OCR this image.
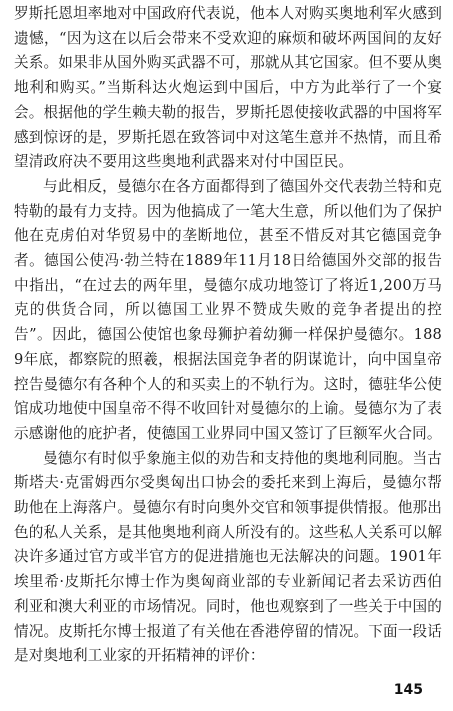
罗斯托恩坦率地对中国政府代表说，他本人对购买奥地利军火感到遗憾，“因为这在以后会带来不受欢迎的麻烦和破坏两国间的友好关系。如果非从国外购买武器不可，那就从其它国家。但不要从奥地利和购买。”当斯科达火炮运到中国后，中方为此举行了一个宴会。根据他的学生赖夫勒的报告，罗斯托恩使接收武器的中国将军感到惊讶的是，罗斯托恩在致答词中对这笔生意并不热情，而且希望清政府决不要用这些奥地利武器来对付中国臣民。

与此相反，曼德尔在各方面都得到了德国外交代表勃兰特和克特勒的最有力支持。因为他搞成了一笔大生意，所以他们为了保护他在克虏伯对华贸易中的垄断地位，甚至不惜反对其它德国竞争者。德国公使冯·勃兰特在1889年11月18日给德国外交部的报告中指出，“在过去的两年里，曼德尔成功地签订了将近1,200万马克的供货合同，所以德国工业界不赞成失败的竞争者提出的控告”。因此，德国公使馆也象母狮护着幼狮一样保护曼德尔。1889年底，都察院的照羲，根据法国竞争者的阴谋诡计，向中国皇帝控告曼德尔有各种个人的和买卖上的不轨行为。这时，德驻华公使馆成功地使中国皇帝不得不收回针对曼德尔的上谕。曼德尔为了表示感谢他的庇护者，使德国工业界同中国又签订了巨额军火合同。

曼德尔有时似乎象施主似的劝告和支持他的奥地利同胞。当古斯塔夫·克雷姆西尔受奥匈出口协会的委托来到上海后，曼德尔帮助他在上海落户。曼德尔有时向奥外交官和领事提供情报。他那出色的私人关系，是其他奥地利商人所没有的。这些私人关系可以解决许多通过官方或半官方的促进措施也无法解决的问题。1901年埃里希·皮斯托尔博士作为奥匈商业部的专业新闻记者去采访西伯利亚和澳大利亚的市场情况。同时，他也观察到了一些关于中国的情况。皮斯托尔博士报道了有关他在香港停留的情况。下面一段话是对奥地利工业家的开拓精神的评价：

145
